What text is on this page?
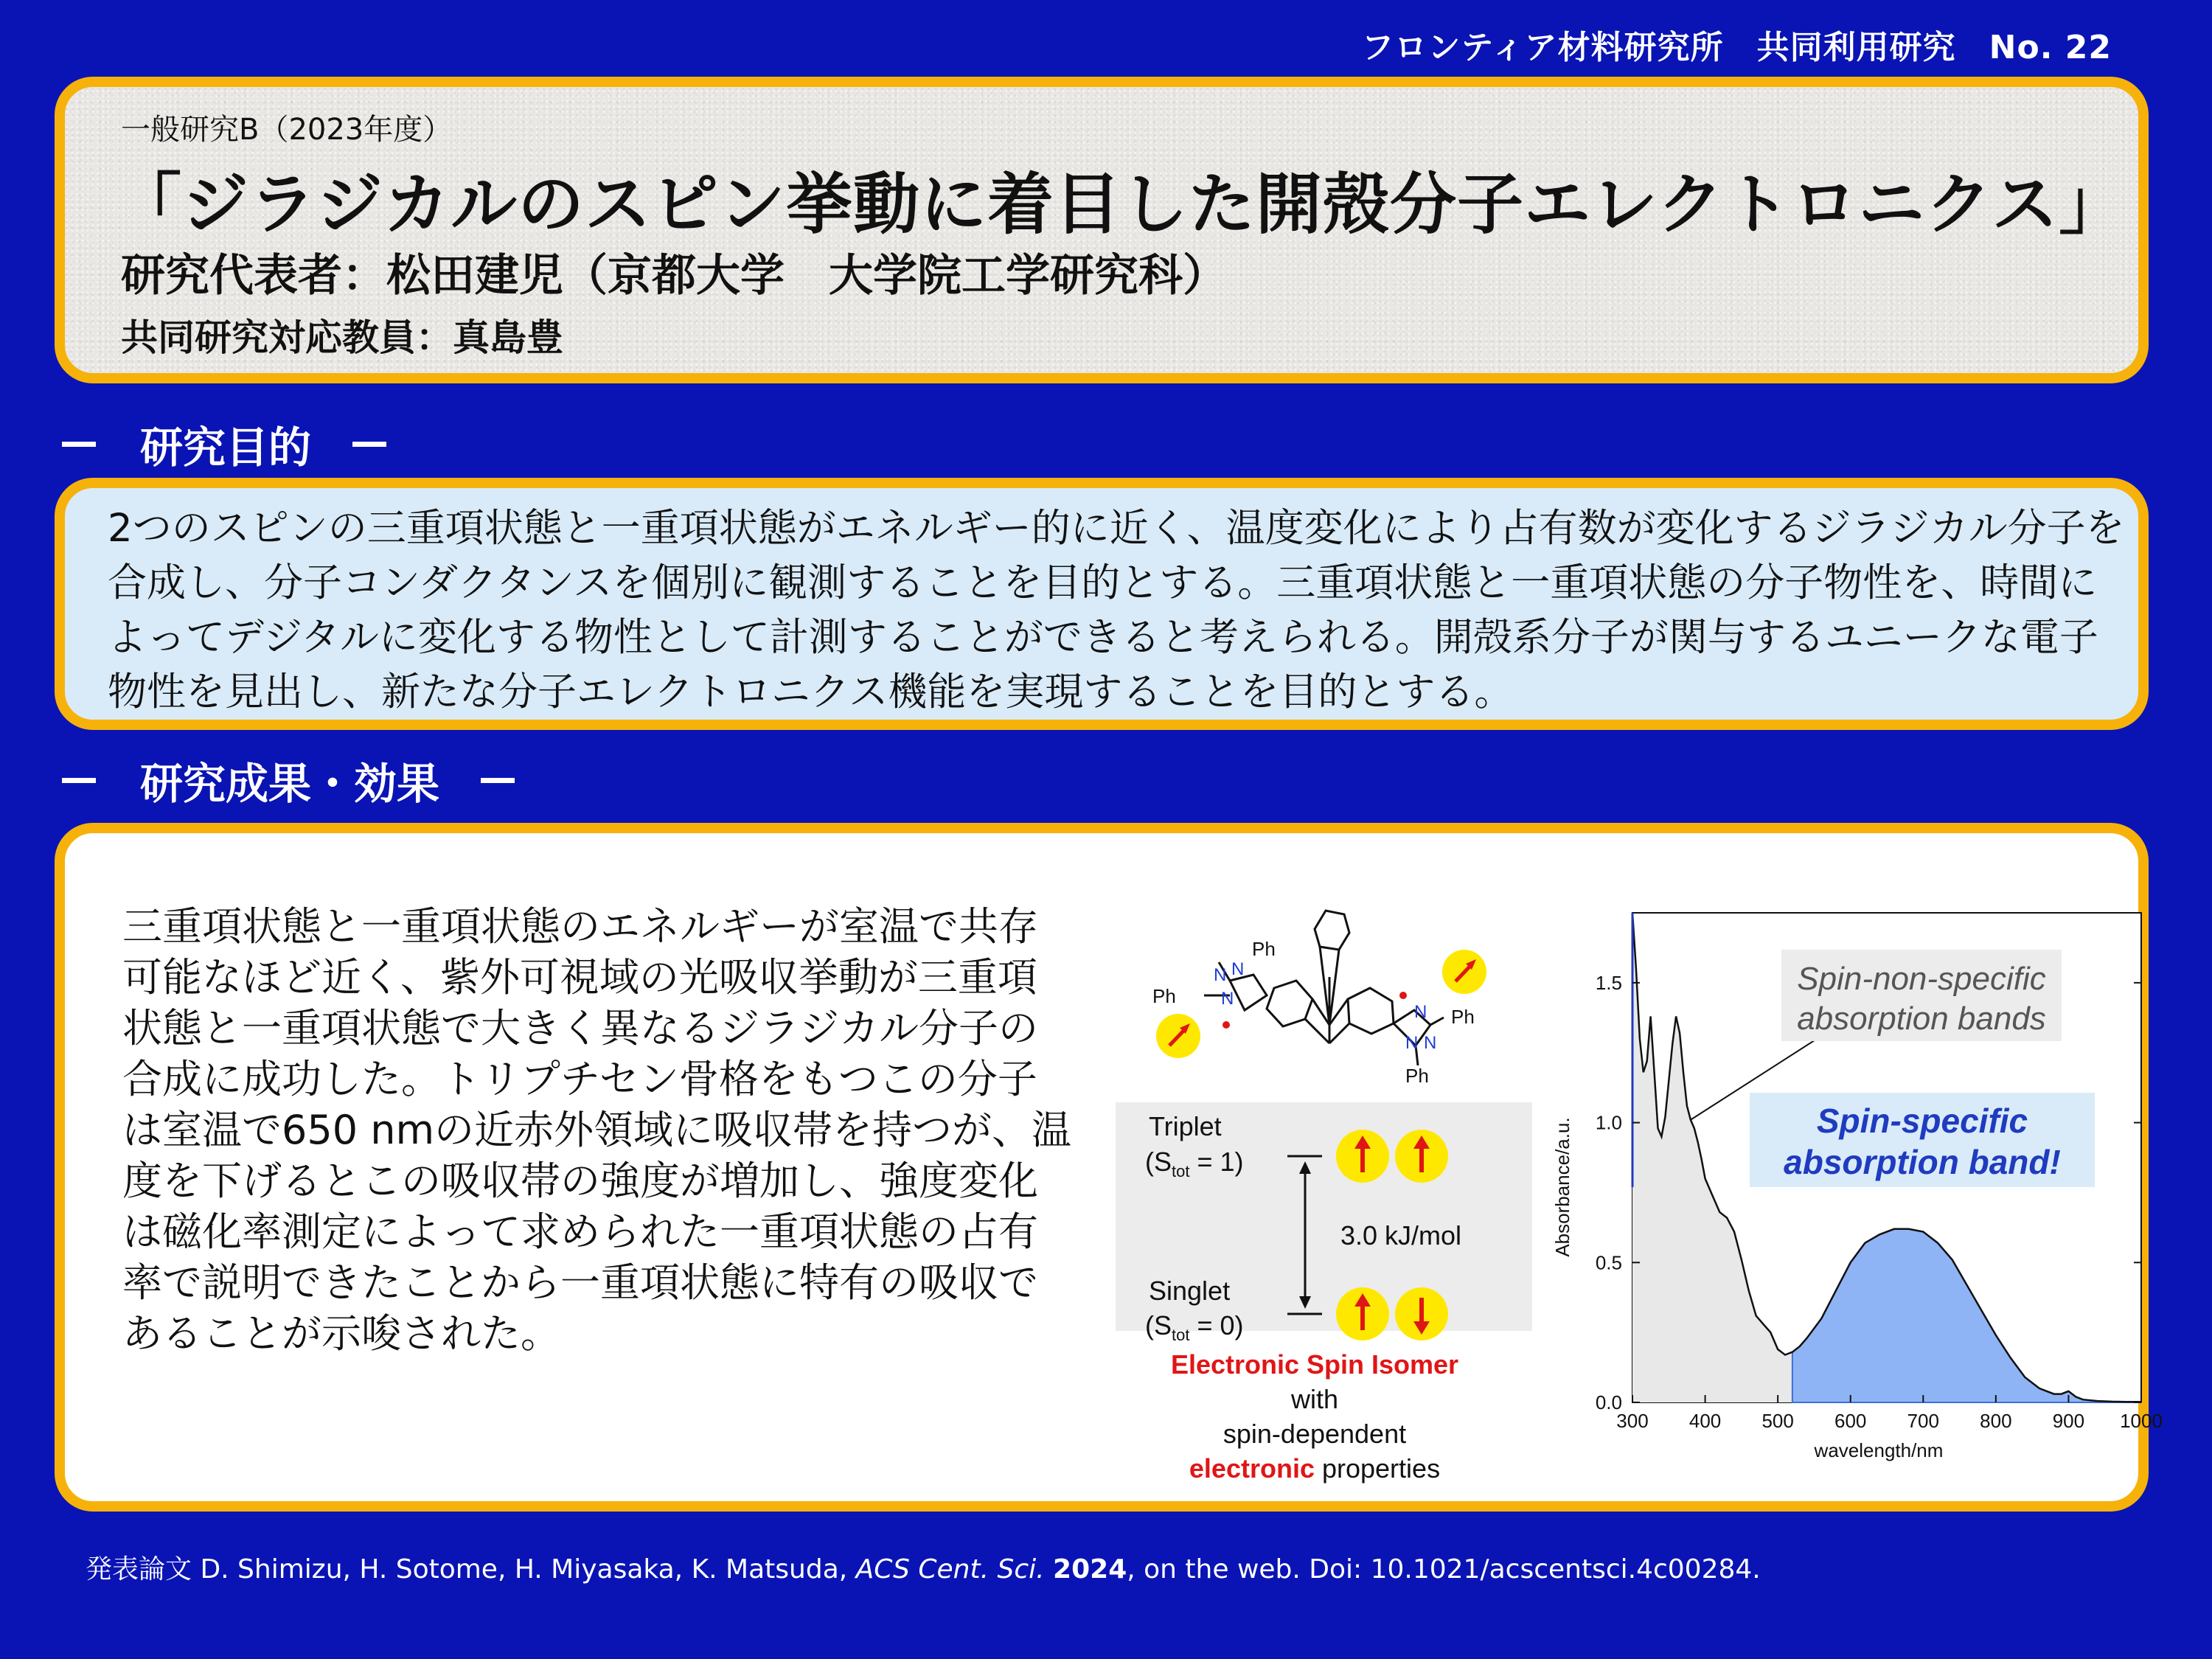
フロンティア材料研究所　共同利用研究　No. 22
一般研究B（2023年度）
「ジラジカルのスピン挙動に着目した開殻分子エレクトロニクス」
研究代表者：松田建児（京都大学　大学院工学研究科）
共同研究対応教員：真島豊
研究目的
2つのスピンの三重項状態と一重項状態がエネルギー的に近く、温度変化により占有数が変化するジラジカル分子を合成し、分子コンダクタンスを個別に観測することを目的とする。三重項状態と一重項状態の分子物性を、時間によってデジタルに変化する物性として計測することができると考えられる。開殻系分子が関与するユニークな電子物性を見出し、新たな分子エレクトロニクス機能を実現することを目的とする。
研究成果・効果
三重項状態と一重項状態のエネルギーが室温で共存可能なほど近く、紫外可視域の光吸収挙動が三重項状態と一重項状態で大きく異なるジラジカル分子の合成に成功した。トリプチセン骨格をもつこの分子は室温で650 nmの近赤外領域に吸収帯を持つが、温度を下げるとこの吸収帯の強度が増加し、強度変化は磁化率測定によって求められた一重項状態の占有率で説明できたことから一重項状態に特有の吸収であることが示唆された。
Ph
Ph
Ph
Ph
N N
N
N
N N
Triplet
$(S_{tot} = 1)$
Singlet
$(S_{tot} = 0)$
3.0 kJ/mol
Electronic Spin Isomer
with
spin-dependent
electronic properties
300 400 500 600 700 800 900 1000
0.0
0.5
1.0
1.5
wavelength/nm
Absorbance/a.u.
Spin-non-specific
absorption bands
Spin-specific
absorption band!
発表論文 D. Shimizu, H. Sotome, H. Miyasaka, K. Matsuda, ACS Cent. Sci. 2024, on the web. Doi: 10.1021/acscentsci.4c00284.
